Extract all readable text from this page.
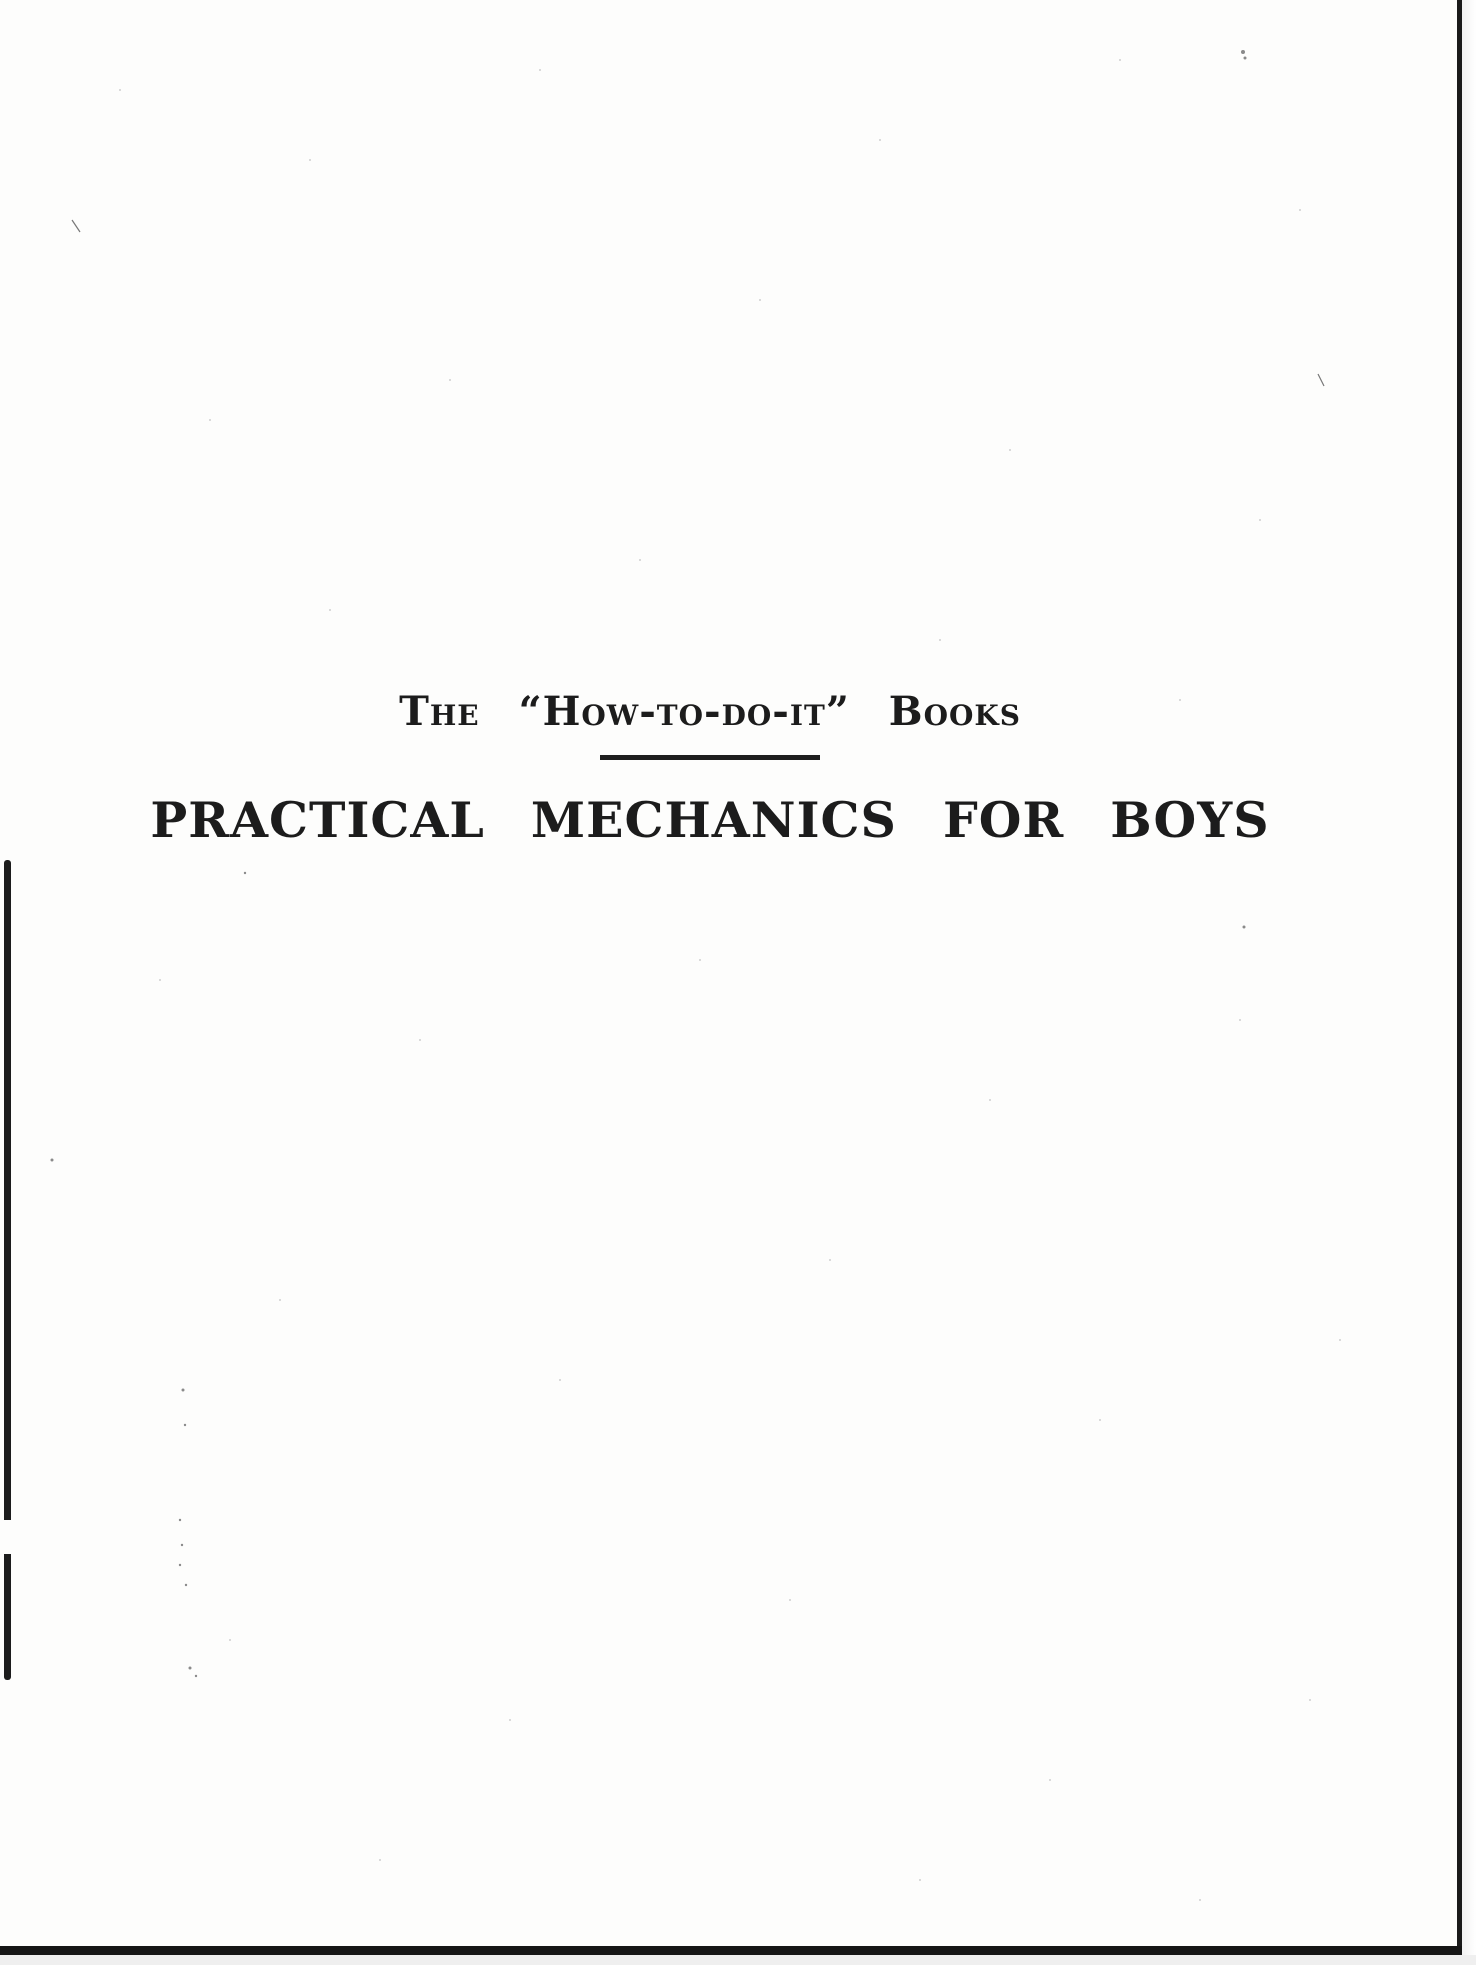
The “How-to-do-it” Books
PRACTICAL MECHANICS FOR BOYS
